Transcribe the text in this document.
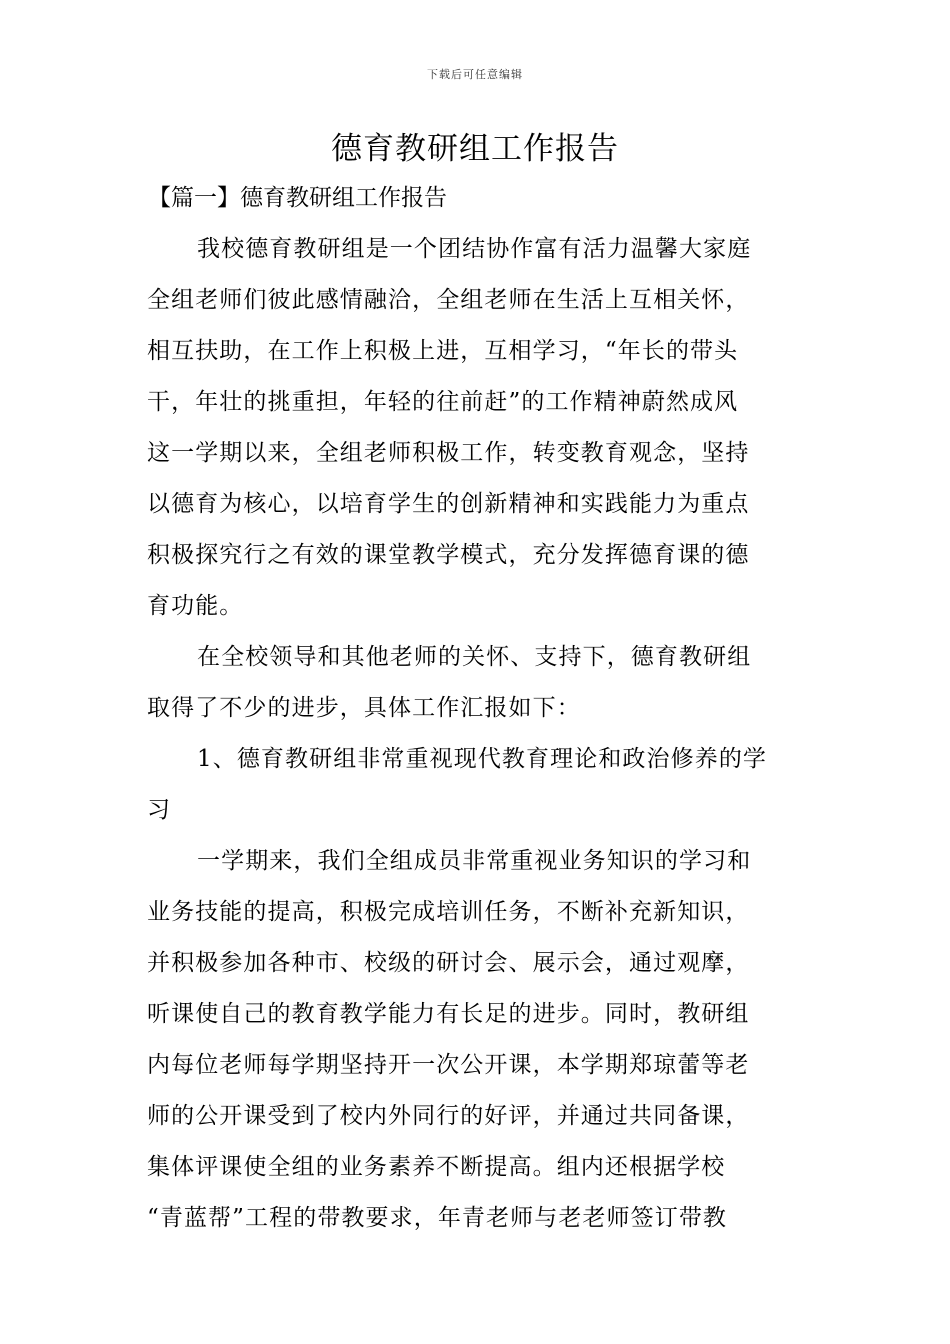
下载后可任意编辑
德育教研组工作报告
【篇一】德育教研组工作报告
我校德育教研组是一个团结协作富有活力温馨大家庭
全组老师们彼此感情融洽，全组老师在生活上互相关怀，
相互扶助，在工作上积极上进，互相学习，“年长的带头
干，年壮的挑重担，年轻的往前赶”的工作精神蔚然成风
这一学期以来，全组老师积极工作，转变教育观念，坚持
以德育为核心，以培育学生的创新精神和实践能力为重点
积极探究行之有效的课堂教学模式，充分发挥德育课的德
育功能。
在全校领导和其他老师的关怀、支持下，德育教研组
取得了不少的进步，具体工作汇报如下：
1、德育教研组非常重视现代教育理论和政治修养的学
习
一学期来，我们全组成员非常重视业务知识的学习和
业务技能的提高，积极完成培训任务，不断补充新知识，
并积极参加各种市、校级的研讨会、展示会，通过观摩，
听课使自己的教育教学能力有长足的进步。同时，教研组
内每位老师每学期坚持开一次公开课，本学期郑琼蕾等老
师的公开课受到了校内外同行的好评，并通过共同备课，
集体评课使全组的业务素养不断提高。组内还根据学校
“青蓝帮”工程的带教要求，年青老师与老老师签订带教
